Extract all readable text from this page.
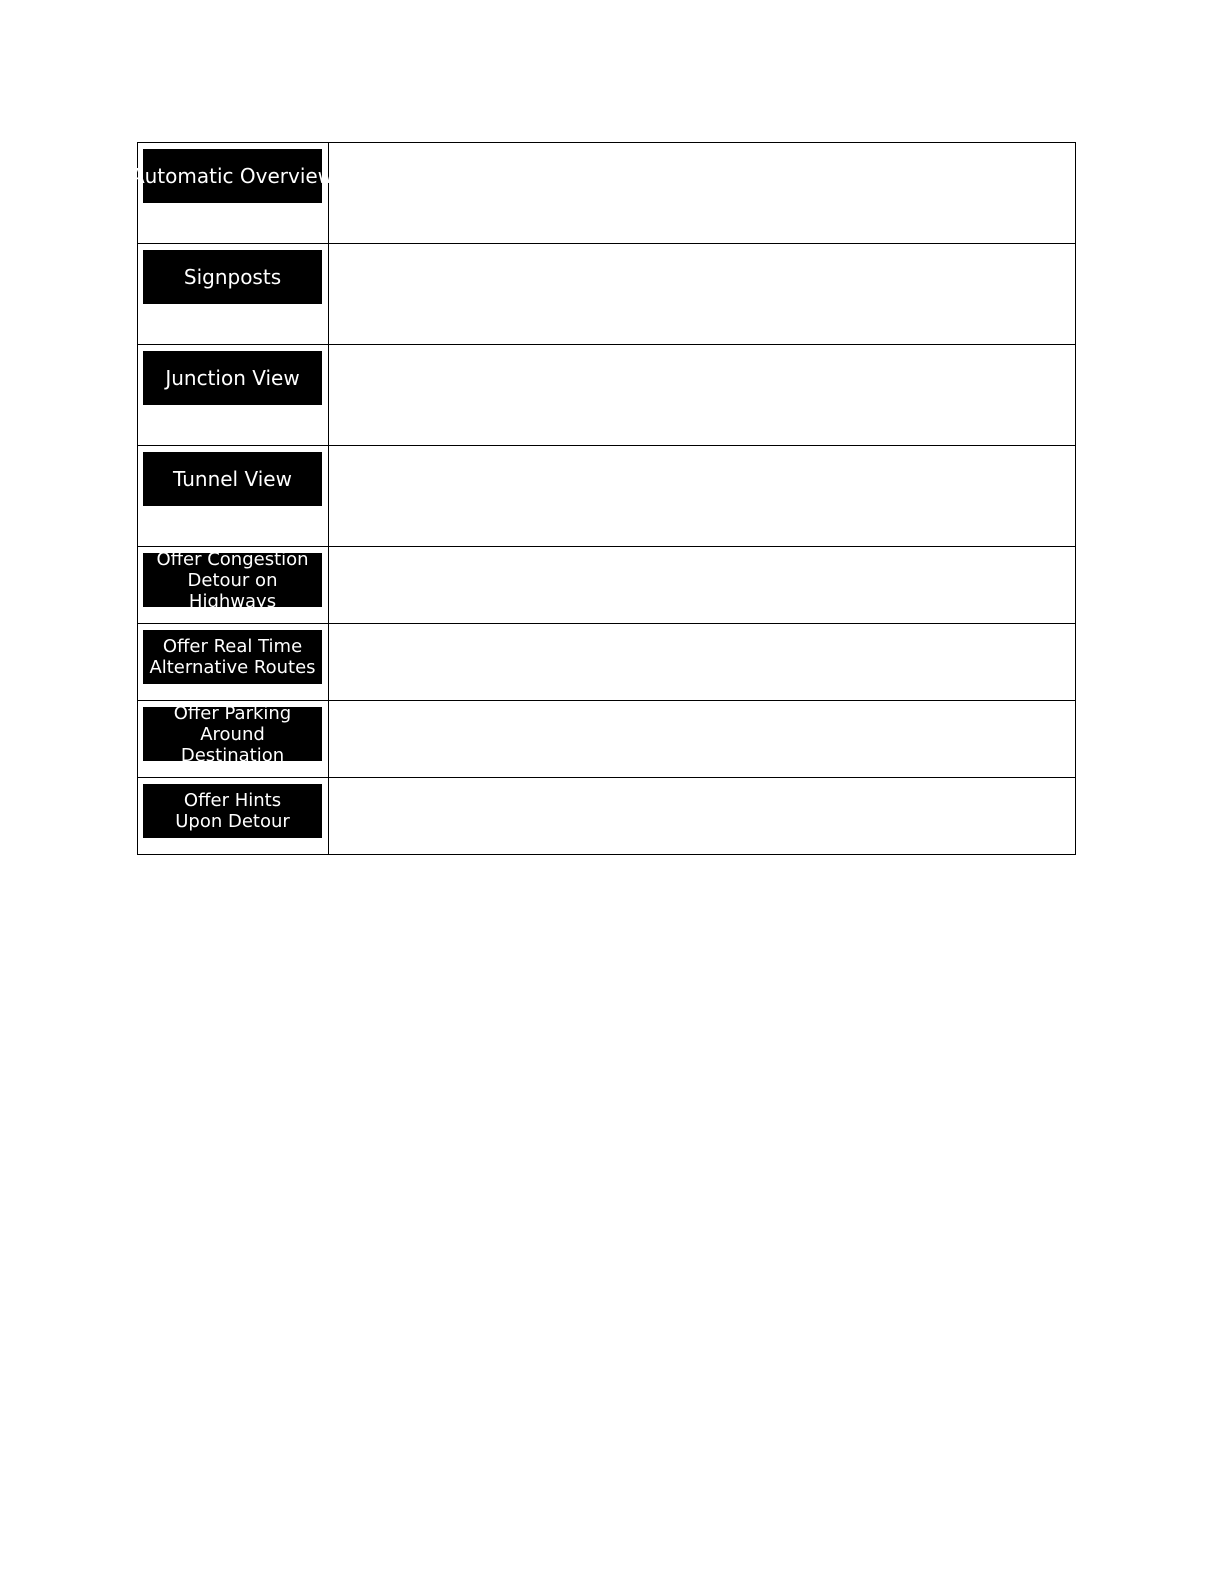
Automatic Overview	

Signposts	

Junction View	

Tunnel View	

Offer Congestion
Detour on Highways	

Offer Real Time
Alternative Routes	

Offer Parking
Around Destination	

Offer Hints
Upon Detour	
